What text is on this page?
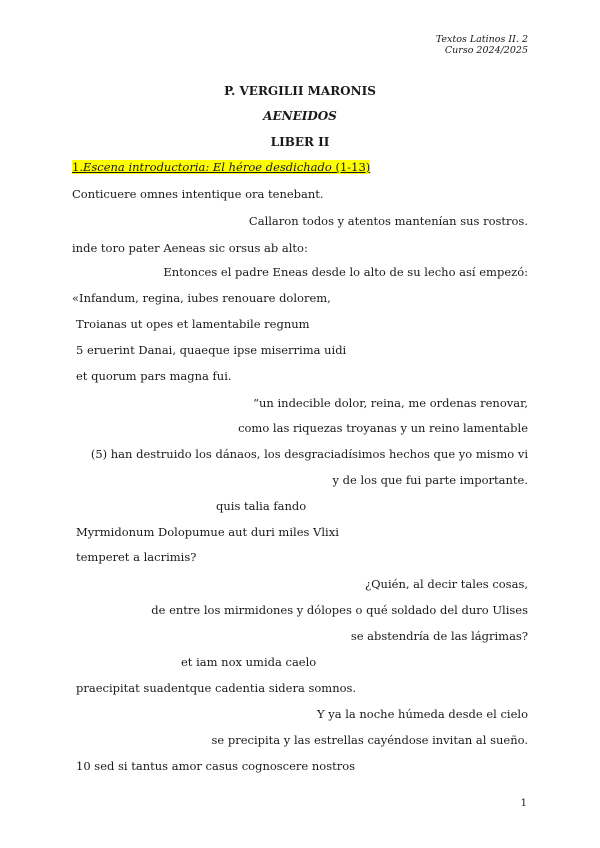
Textos Latinos II. 2
Curso 2024/2025
P. VERGILII MARONIS
AENEIDOS
LIBER II
1.Escena introductoria: El héroe desdichado (1-13)
Conticuere omnes intentique ora tenebant.
Callaron todos y atentos mantenían sus rostros.
inde toro pater Aeneas sic orsus ab alto:
Entonces el padre Eneas desde lo alto de su lecho así empezó:
«Infandum, regina, iubes renouare dolorem,
Troianas ut opes et lamentabile regnum
5 eruerint Danai, quaeque ipse miserrima uidi
et quorum pars magna fui.
“un indecible dolor, reina, me ordenas renovar,
como las riquezas troyanas y un reino lamentable
(5) han destruido los dánaos, los desgraciadísimos hechos que yo mismo vi
y de los que fui parte importante.
quis talia fando
Myrmidonum Dolopumue aut duri miles Vlixi
temperet a lacrimis?
¿Quién, al decir tales cosas,
de entre los mirmidones y dólopes o qué soldado del duro Ulises
se abstendría de las lágrimas?
et iam nox umida caelo
praecipitat suadentque cadentia sidera somnos.
Y ya la noche húmeda desde el cielo
se precipita y las estrellas cayéndose invitan al sueño.
10 sed si tantus amor casus cognoscere nostros
1
